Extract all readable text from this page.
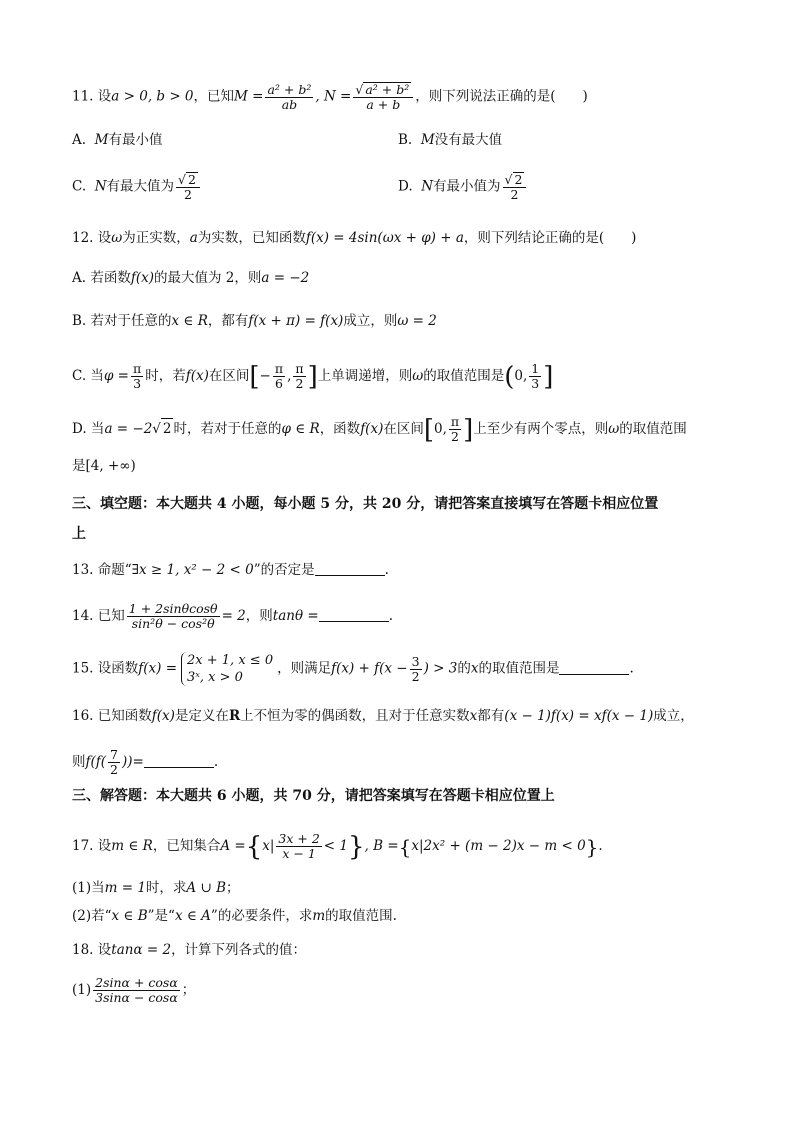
11. 设a > 0, b > 0，已知$M = \frac{\text{a² + b²}}{ab}$ , $N = \frac{\text{√ a² + b²}}{a + b}$ ，则下列说法正确的是(　　)
A. M有最小值	B. M没有最大值
C. N有最大值为 $\frac{√ 2}{2}$	D. N有最小值为 $\frac{√ 2}{2}$
12. 设ω为正实数，a为实数，已知函数f(x) = 4sin(ωx + φ) + a，则下列结论正确的是(　　)
A. 若函数f(x)的最大值为 2，则a = −2
B. 若对于任意的x ∈ R，都有f(x + π) = f(x)成立，则ω = 2
C. 当$\varphi = \frac{\pi}{3}$ 时，若f(x)在区间[− $\frac{\pi}{6}$ , $\frac{\pi}{2}$ ]上单调递增，则ω的取值范围是(0, $\frac{1}{3}$ ]
D. 当a = −2√ 2 时，若对于任意的φ ∈ R，函数f(x)在区间[0, $\frac{\pi}{2}$ ]上至少有两个零点，则ω的取值范围
是[4, +∞)
三、填空题：本大题共 4 小题，每小题 5 分，共 20 分，请把答案直接填写在答题卡相应位置
上
13. 命题“∃x ≥ 1, x² − 2 < 0”的否定是	.
14. 已知 $\frac{1 + 2\sin\theta\cos\theta}{\text{sin²θ − cos²θ}} = 2$，则tanθ =	.
15. 设函数f(x) = 2x + 1, x ≤ 0
3ˣ, x > 0
，则满足$f(x) + f(x - \frac{3}{2}$ ) > 3的x的取值范围是	.
16. 已知函数f(x)是定义在R上不恒为零的偶函数，且对于任意实数x都有(x − 1)f(x) = xf(x − 1)成立，
则$f(f( \frac{7}{2}$ ))=	.
三、解答题：本大题共 6 小题，共 70 分，请把答案填写在答题卡相应位置上
17. 设m ∈ R，已知集合$A =\{x| \frac{3x + 2}{x - 1} < 1\}$, B ={x|2x² + (m − 2)x − m < 0}.
(1)当m = 1时，求A ∪ B；
(2)若“x ∈ B”是“x ∈ A”的必要条件，求m的取值范围.
18. 设tanα = 2，计算下列各式的值：
$(1) \frac{2\sin\alpha + \cos\alpha}{3\sin\alpha - \cos\alpha}$ ；
